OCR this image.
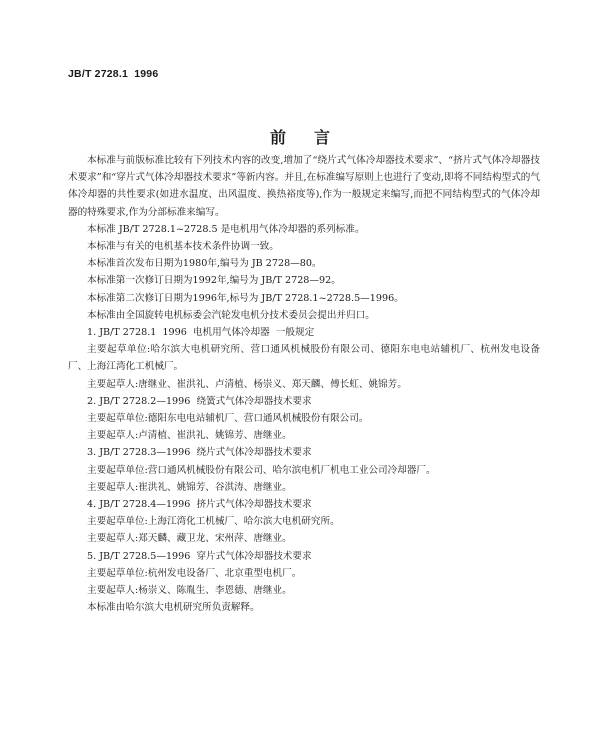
JB/T 2728.1  1996
前言

本标准与前版标准比较有下列技术内容的改变,增加了“绕片式气体冷却器技术要求”、“挤片式气体冷却器技术要求”和“穿片式气体冷却器技术要求”等新内容。并且,在标准编写原则上也进行了变动,即将不同结构型式的气体冷却器的共性要求(如进水温度、出风温度、换热裕度等),作为一般规定来编写,而把不同结构型式的气体冷却器的特殊要求,作为分部标准来编写。

本标准 JB/T 2728.1~2728.5 是电机用气体冷却器的系列标准。

本标准与有关的电机基本技术条件协调一致。

本标准首次发布日期为1980年,编号为 JB 2728—80。

本标准第一次修订日期为1992年,编号为 JB/T 2728—92。

本标准第二次修订日期为1996年,标号为 JB/T 2728.1~2728.5—1996。

本标准由全国旋转电机标委会汽轮发电机分技术委员会提出并归口。

1. JB/T 2728.1  1996  电机用气体冷却器  一般规定

主要起草单位:哈尔滨大电机研究所、营口通风机械股份有限公司、德阳东电电站辅机厂、杭州发电设备厂、上海江湾化工机械厂。

主要起草人:唐继业、崔洪礼、卢清植、杨崇义、郑天麟、傅长虹、姚锦芳。

2. JB/T 2728.2—1996  绕簧式气体冷却器技术要求

主要起草单位:德阳东电电站辅机厂、营口通风机械股份有限公司。

主要起草人:卢清植、崔洪礼、姚锦芳、唐继业。

3. JB/T 2728.3—1996  绕片式气体冷却器技术要求

主要起草单位:营口通风机械股份有限公司、哈尔滨电机厂机电工业公司冷却器厂。

主要起草人:崔洪礼、姚锦芳、谷淇涛、唐继业。

4. JB/T 2728.4—1996  挤片式气体冷却器技术要求

主要起草单位:上海江湾化工机械厂、哈尔滨大电机研究所。

主要起草人:郑天麟、藏卫龙、宋州萍、唐继业。

5. JB/T 2728.5—1996  穿片式气体冷却器技术要求

主要起草单位:杭州发电设备厂、北京重型电机厂。

主要起草人:杨崇义、陈胤生、李恩德、唐继业。

本标准由哈尔滨大电机研究所负责解释。
